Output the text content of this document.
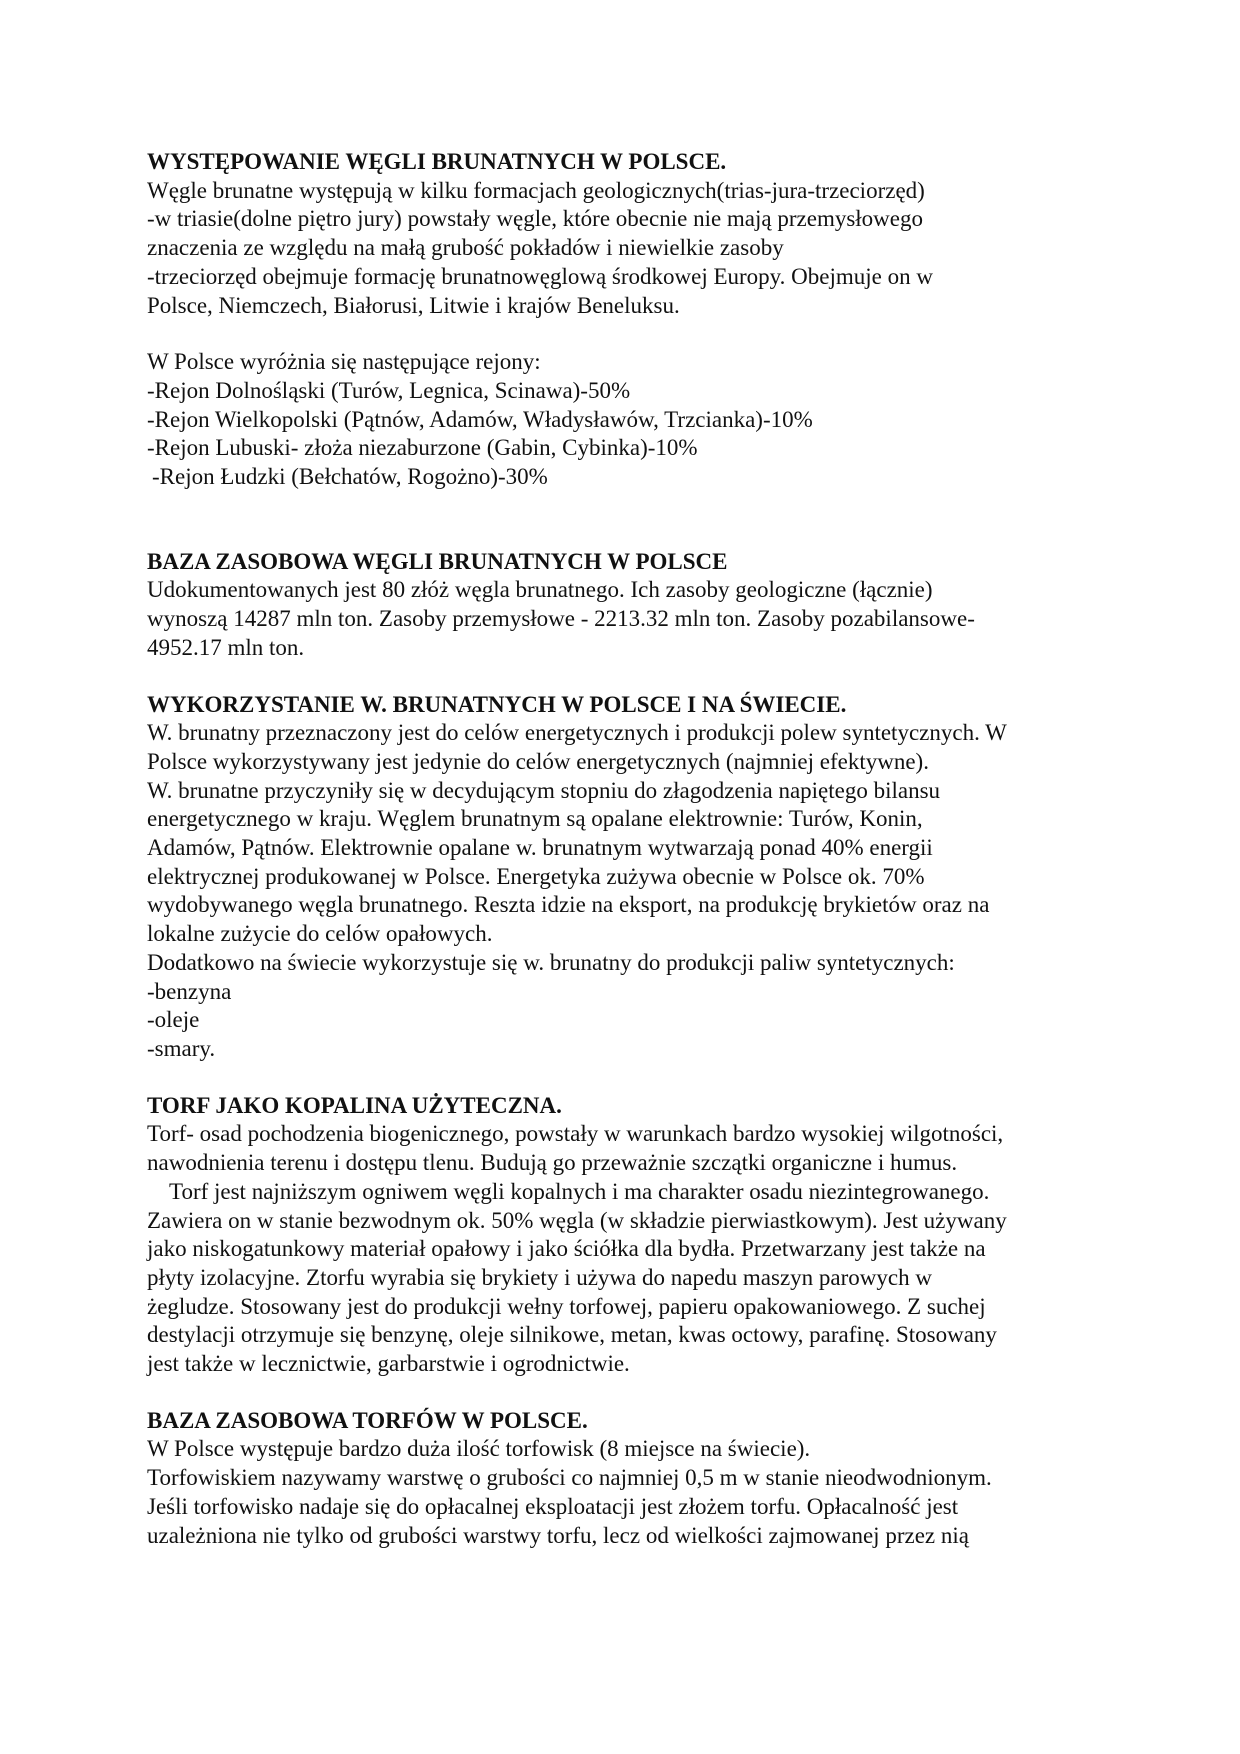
WYSTĘPOWANIE WĘGLI BRUNATNYCH W POLSCE.

Węgle brunatne występują w kilku formacjach geologicznych(trias-jura-trzeciorzęd)

-w triasie(dolne piętro jury) powstały węgle, które obecnie nie mają przemysłowego

znaczenia ze względu na małą grubość pokładów i niewielkie zasoby

-trzeciorzęd obejmuje formację brunatnowęglową środkowej Europy. Obejmuje on w

Polsce, Niemczech, Białorusi, Litwie i krajów Beneluksu.

W Polsce wyróżnia się następujące rejony:

-Rejon Dolnośląski (Turów, Legnica, Scinawa)-50%

-Rejon Wielkopolski (Pątnów, Adamów, Władysławów, Trzcianka)-10%

-Rejon Lubuski- złoża niezaburzone (Gabin, Cybinka)-10%

-Rejon Łudzki (Bełchatów, Rogożno)-30%

BAZA ZASOBOWA WĘGLI BRUNATNYCH W POLSCE

Udokumentowanych jest 80 złóż węgla brunatnego. Ich zasoby geologiczne (łącznie)

wynoszą 14287 mln ton. Zasoby przemysłowe - 2213.32 mln ton. Zasoby pozabilansowe-

4952.17 mln ton.

WYKORZYSTANIE W. BRUNATNYCH W POLSCE I NA ŚWIECIE.

W. brunatny przeznaczony jest do celów energetycznych i produkcji polew syntetycznych. W

Polsce wykorzystywany jest jedynie do celów energetycznych (najmniej efektywne).

W. brunatne przyczyniły się w decydującym stopniu do złagodzenia napiętego bilansu

energetycznego w kraju. Węglem brunatnym są opalane elektrownie: Turów, Konin,

Adamów, Pątnów. Elektrownie opalane w. brunatnym wytwarzają ponad 40% energii

elektrycznej produkowanej w Polsce. Energetyka zużywa obecnie w Polsce ok. 70%

wydobywanego węgla brunatnego. Reszta idzie na eksport, na produkcję brykietów oraz na

lokalne zużycie do celów opałowych.

Dodatkowo na świecie wykorzystuje się w. brunatny do produkcji paliw syntetycznych:

-benzyna

-oleje

-smary.

TORF JAKO KOPALINA UŻYTECZNA.

Torf- osad pochodzenia biogenicznego, powstały w warunkach bardzo wysokiej wilgotności,

nawodnienia terenu i dostępu tlenu. Budują go przeważnie szczątki organiczne i humus.

Torf jest najniższym ogniwem węgli kopalnych i ma charakter osadu niezintegrowanego.

Zawiera on w stanie bezwodnym ok. 50% węgla (w składzie pierwiastkowym). Jest używany

jako niskogatunkowy materiał opałowy i jako ściółka dla bydła. Przetwarzany jest także na

płyty izolacyjne. Ztorfu wyrabia się brykiety i używa do napedu maszyn parowych w

żegludze. Stosowany jest do produkcji wełny torfowej, papieru opakowaniowego. Z suchej

destylacji otrzymuje się benzynę, oleje silnikowe, metan, kwas octowy, parafinę. Stosowany

jest także w lecznictwie, garbarstwie i ogrodnictwie.

BAZA ZASOBOWA TORFÓW W POLSCE.

W Polsce występuje bardzo duża ilość torfowisk (8 miejsce na świecie).

Torfowiskiem nazywamy warstwę o grubości co najmniej 0,5 m w stanie nieodwodnionym.

Jeśli torfowisko nadaje się do opłacalnej eksploatacji jest złożem torfu. Opłacalność jest

uzależniona nie tylko od grubości warstwy torfu, lecz od wielkości zajmowanej przez nią
